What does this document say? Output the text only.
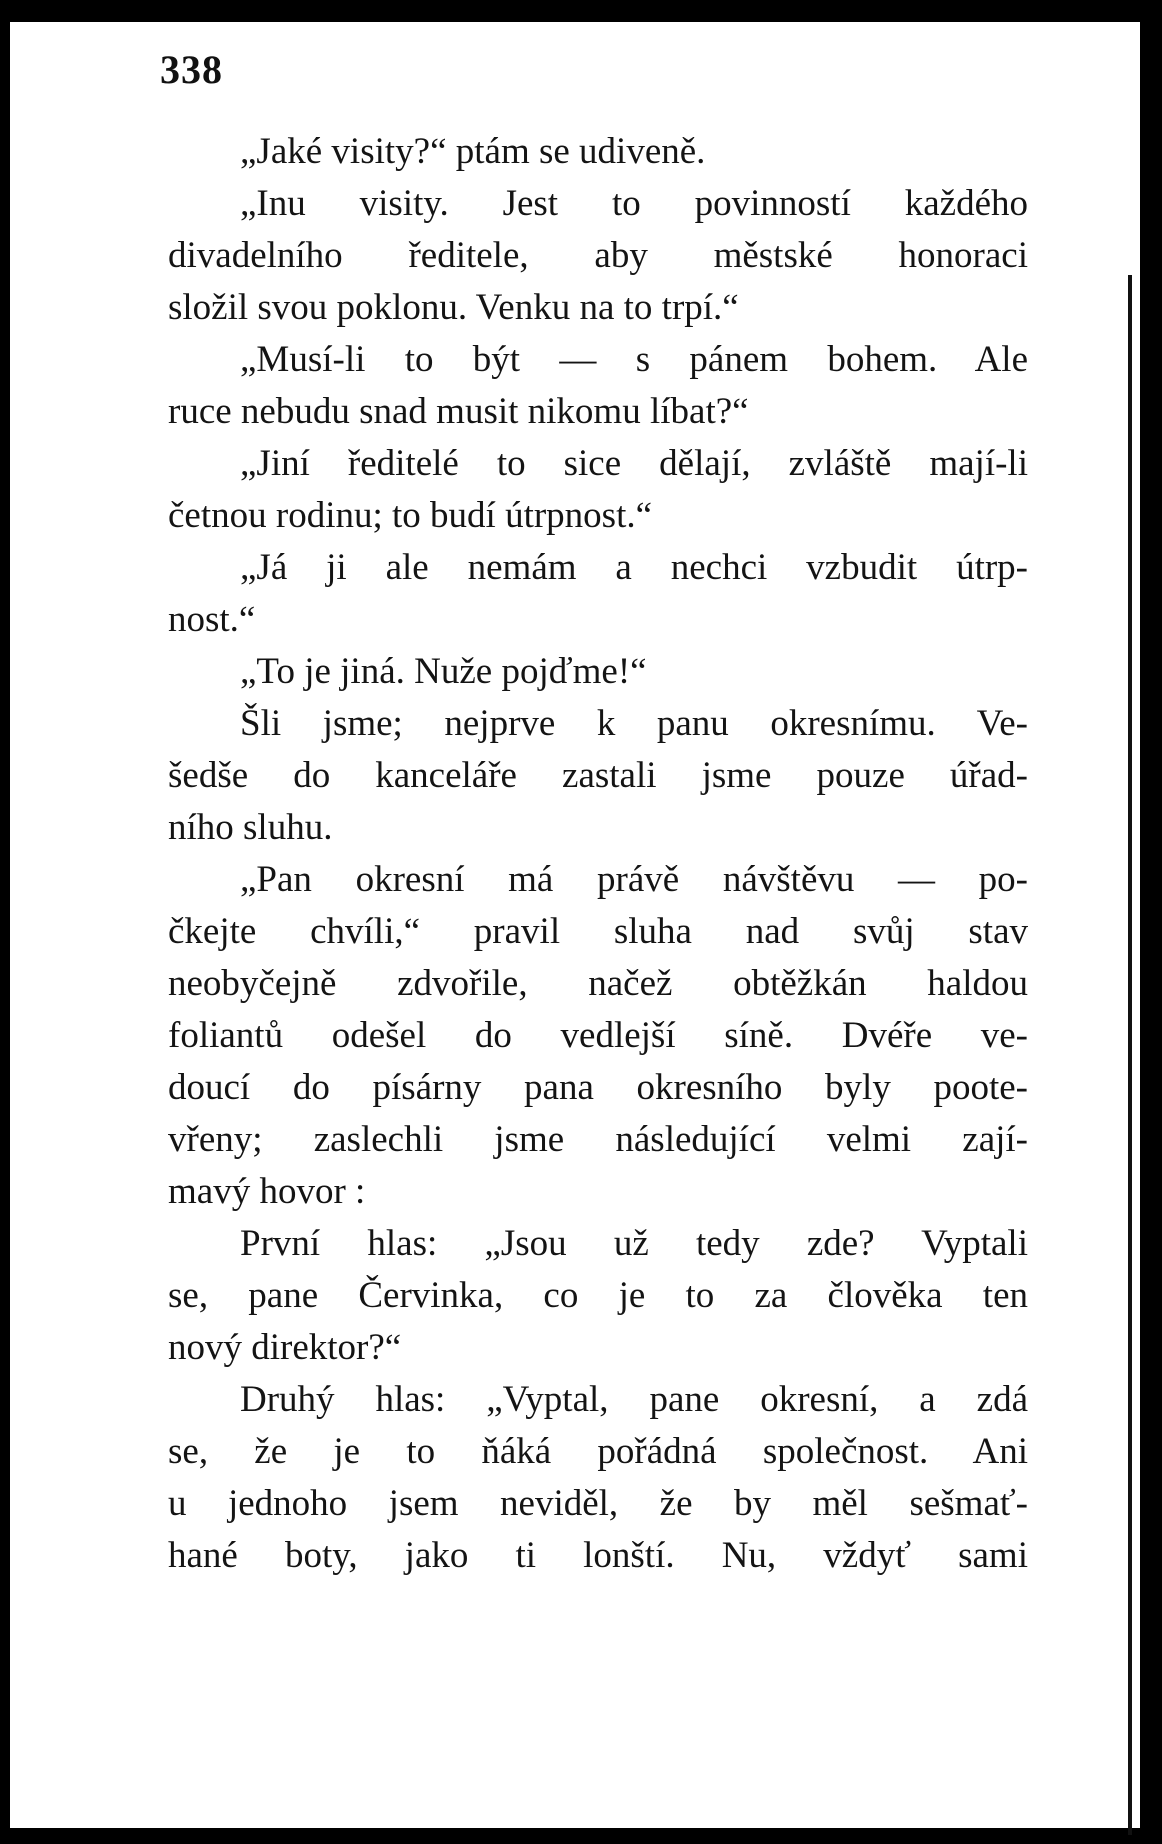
338
„Jaké visity?“ ptám se udiveně.
„Inu visity. Jest to povinností každého
divadelního ředitele, aby městské honoraci
složil svou poklonu. Venku na to trpí.“
„Musí-li to být — s pánem bohem. Ale
ruce nebudu snad musit nikomu líbat?“
„Jiní ředitelé to sice dělají, zvláště mají-li
četnou rodinu; to budí útrpnost.“
„Já ji ale nemám a nechci vzbudit útrp-
nost.“
„To je jiná. Nuže pojďme!“
Šli jsme; nejprve k panu okresnímu. Ve-
šedše do kanceláře zastali jsme pouze úřad-
ního sluhu.
„Pan okresní má právě návštěvu — po-
čkejte chvíli,“ pravil sluha nad svůj stav
neobyčejně zdvořile, načež obtěžkán haldou
foliantů odešel do vedlejší síně. Dvéře ve-
doucí do písárny pana okresního byly poote-
vřeny; zaslechli jsme následující velmi zají-
mavý hovor :
První hlas: „Jsou už tedy zde? Vyptali
se, pane Červinka, co je to za člověka ten
nový direktor?“
Druhý hlas: „Vyptal, pane okresní, a zdá
se, že je to ňáká pořádná společnost. Ani
u jednoho jsem neviděl, že by měl sešmať-
hané boty, jako ti lonští. Nu, vždyť sami
